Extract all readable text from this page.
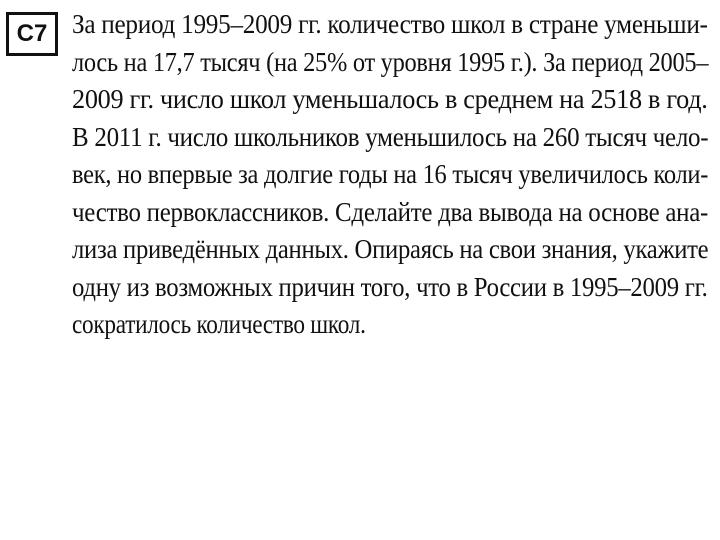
C7 За период 1995–2009 гг. количество школ в стране уменьши-
лось на 17,7 тысяч (на 25% от уровня 1995 г.). За период 2005–
2009 гг. число школ уменьшалось в среднем на 2518 в год.
В 2011 г. число школьников уменьшилось на 260 тысяч чело-
век, но впервые за долгие годы на 16 тысяч увеличилось коли-
чество первоклассников. Сделайте два вывода на основе ана-
лиза приведённых данных. Опираясь на свои знания, укажите
одну из возможных причин того, что в России в 1995–2009 гг.
сократилось количество школ.
